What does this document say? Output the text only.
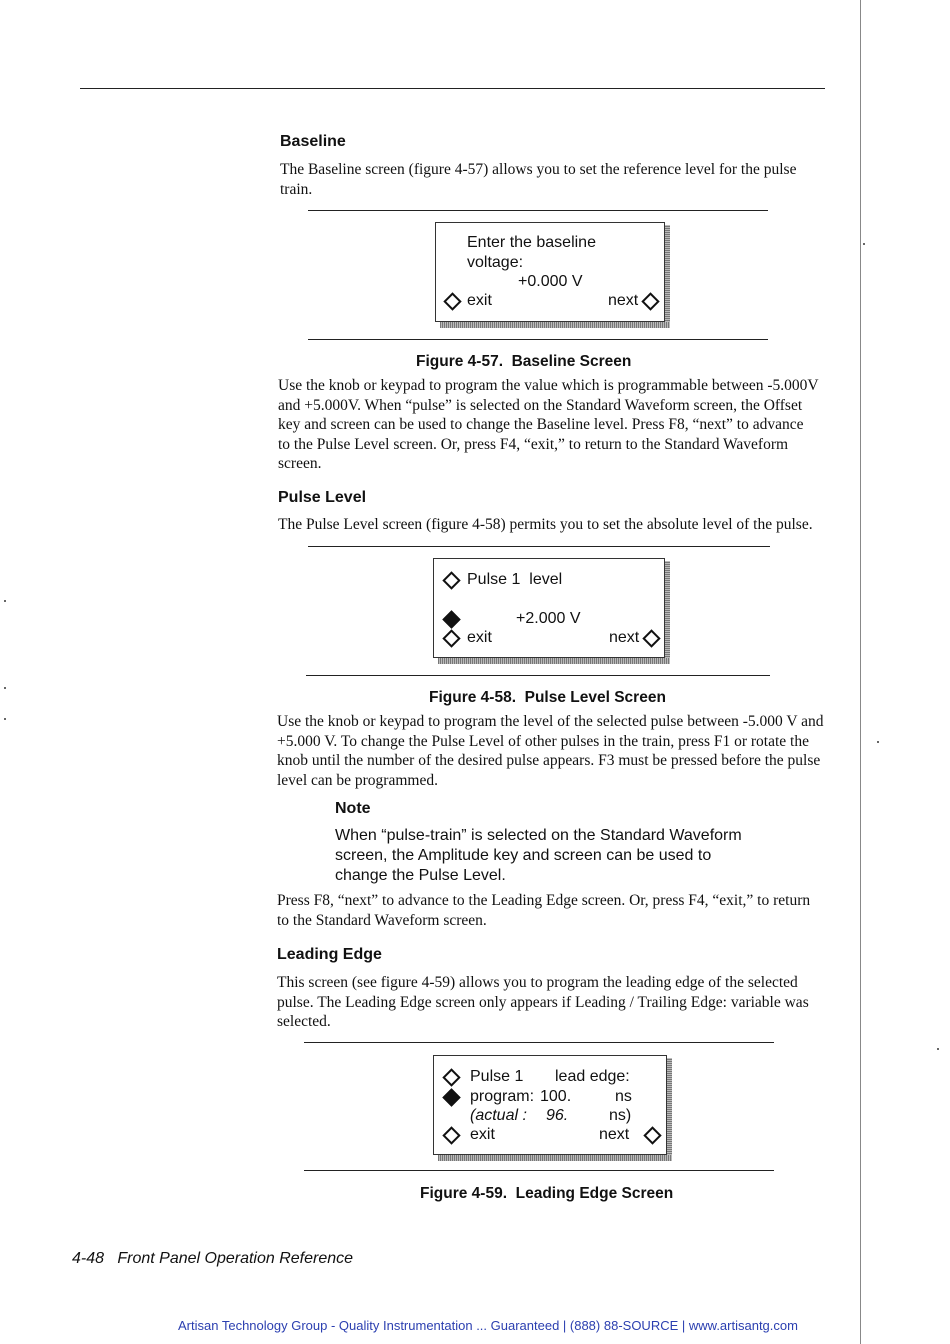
Baseline
The Baseline screen (figure 4-57) allows you to set the reference level for the pulse
train.
Enter the baseline
voltage:
+0.000 V
exit	next
Figure 4-57.  Baseline Screen
Use the knob or keypad to program the value which is programmable between -5.000V
and +5.000V. When “pulse” is selected on the Standard Waveform screen, the Offset
key and screen can be used to change the Baseline level. Press F8, “next” to advance
to the Pulse Level screen. Or, press F4, “exit,” to return to the Standard Waveform
screen.
Pulse Level
The Pulse Level screen (figure 4-58) permits you to set the absolute level of the pulse.
Pulse 1  level
+2.000 V
exit	next
Figure 4-58.  Pulse Level Screen
Use the knob or keypad to program the level of the selected pulse between -5.000 V and
+5.000 V. To change the Pulse Level of other pulses in the train, press F1 or rotate the
knob until the number of the desired pulse appears. F3 must be pressed before the pulse
level can be programmed.
Note
When “pulse-train” is selected on the Standard Waveform
screen, the Amplitude key and screen can be used to
change the Pulse Level.
Press F8, “next” to advance to the Leading Edge screen. Or, press F4, “exit,” to return
to the Standard Waveform screen.
Leading Edge
This screen (see figure 4-59) allows you to program the leading edge of the selected
pulse. The Leading Edge screen only appears if Leading / Trailing Edge: variable was
selected.
Pulse 1 lead edge:
program: 100.	ns
(actual : 96.	ns)
exit	next
Figure 4-59.  Leading Edge Screen
4-48   Front Panel Operation Reference
Artisan Technology Group - Quality Instrumentation ... Guaranteed | (888) 88-SOURCE | www.artisantg.com
